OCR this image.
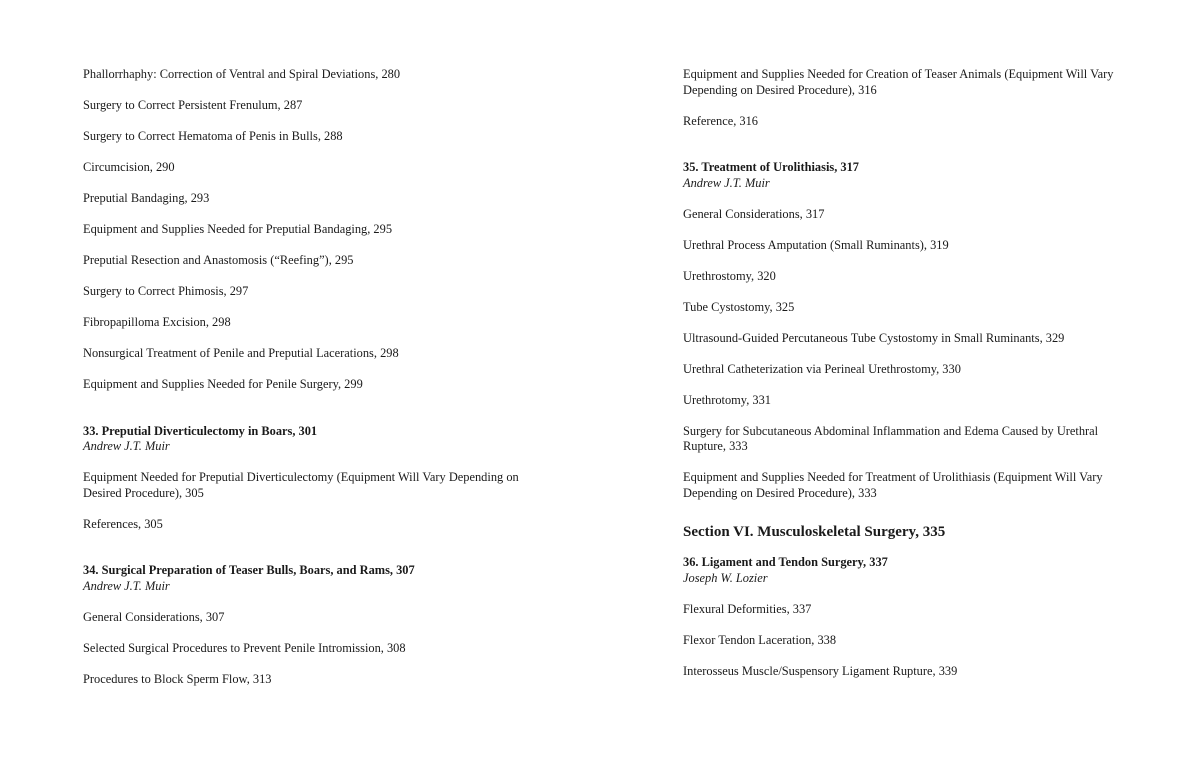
Phallorrhaphy: Correction of Ventral and Spiral Deviations, 280
Surgery to Correct Persistent Frenulum, 287
Surgery to Correct Hematoma of Penis in Bulls, 288
Circumcision, 290
Preputial Bandaging, 293
Equipment and Supplies Needed for Preputial Bandaging, 295
Preputial Resection and Anastomosis (“Reefing”), 295
Surgery to Correct Phimosis, 297
Fibropapilloma Excision, 298
Nonsurgical Treatment of Penile and Preputial Lacerations, 298
Equipment and Supplies Needed for Penile Surgery, 299
33. Preputial Diverticulectomy in Boars, 301
Andrew J.T. Muir
Equipment Needed for Preputial Diverticulectomy (Equipment Will Vary Depending on Desired Procedure), 305
References, 305
34. Surgical Preparation of Teaser Bulls, Boars, and Rams, 307
Andrew J.T. Muir
General Considerations, 307
Selected Surgical Procedures to Prevent Penile Intromission, 308
Procedures to Block Sperm Flow, 313
Equipment and Supplies Needed for Creation of Teaser Animals (Equipment Will Vary Depending on Desired Procedure), 316
Reference, 316
35. Treatment of Urolithiasis, 317
Andrew J.T. Muir
General Considerations, 317
Urethral Process Amputation (Small Ruminants), 319
Urethrostomy, 320
Tube Cystostomy, 325
Ultrasound-Guided Percutaneous Tube Cystostomy in Small Ruminants, 329
Urethral Catheterization via Perineal Urethrostomy, 330
Urethrotomy, 331
Surgery for Subcutaneous Abdominal Inflammation and Edema Caused by Urethral Rupture, 333
Equipment and Supplies Needed for Treatment of Urolithiasis (Equipment Will Vary Depending on Desired Procedure), 333
Section VI. Musculoskeletal Surgery, 335
36. Ligament and Tendon Surgery, 337
Joseph W. Lozier
Flexural Deformities, 337
Flexor Tendon Laceration, 338
Interosseus Muscle/Suspensory Ligament Rupture, 339
